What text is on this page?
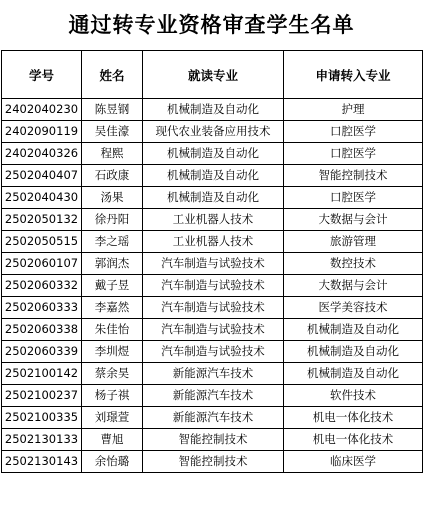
通过转专业资格审查学生名单
学号	姓名	就读专业	申请转入专业
2402040230	陈昱钢	机械制造及自动化	护理
2402090119	吴佳濠	现代农业装备应用技术	口腔医学
2402040326	程熙	机械制造及自动化	口腔医学
2502040407	石政康	机械制造及自动化	智能控制技术
2502040430	汤果	机械制造及自动化	口腔医学
2502050132	徐丹阳	工业机器人技术	大数据与会计
2502050515	李之瑶	工业机器人技术	旅游管理
2502060107	郭润杰	汽车制造与试验技术	数控技术
2502060332	戴子昱	汽车制造与试验技术	大数据与会计
2502060333	李嘉然	汽车制造与试验技术	医学美容技术
2502060338	朱佳怡	汽车制造与试验技术	机械制造及自动化
2502060339	李圳煜	汽车制造与试验技术	机械制造及自动化
2502100142	蔡余昊	新能源汽车技术	机械制造及自动化
2502100237	杨子祺	新能源汽车技术	软件技术
2502100335	刘璟萱	新能源汽车技术	机电一体化技术
2502130133	曹旭	智能控制技术	机电一体化技术
2502130143	余怡璐	智能控制技术	临床医学
